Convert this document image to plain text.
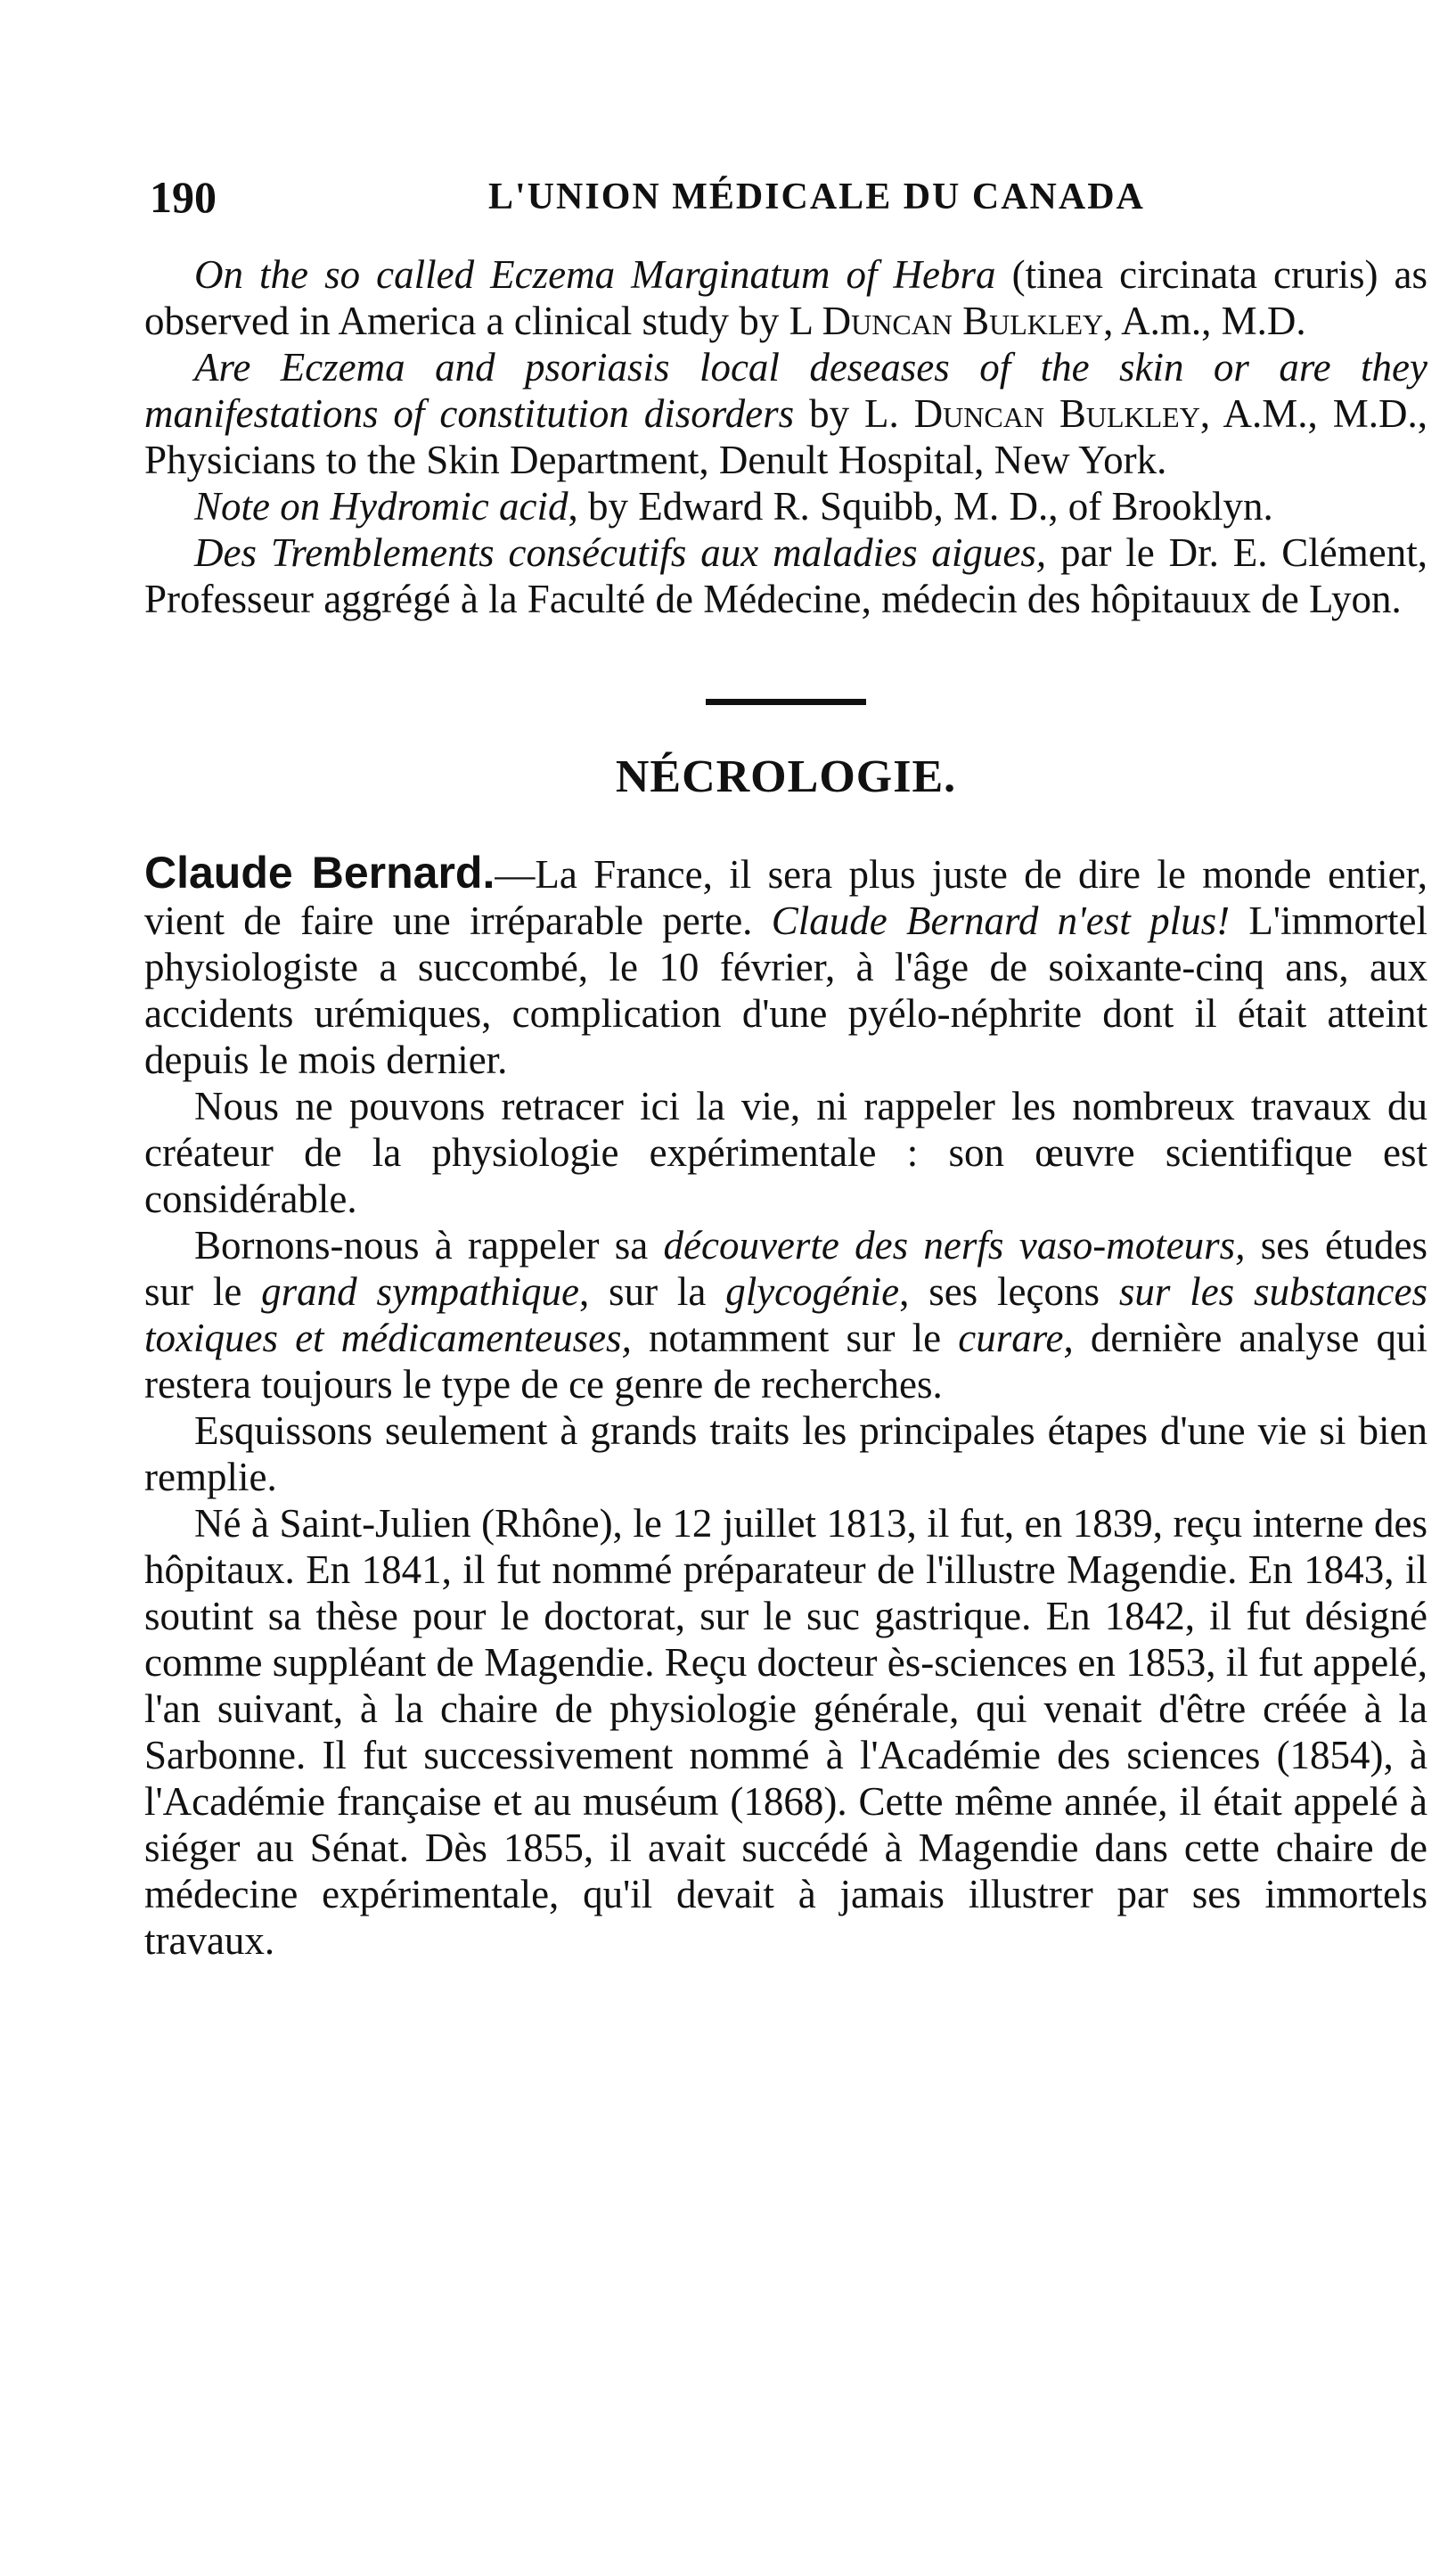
190	L'UNION MÉDICALE DU CANADA

On the so called Eczema Marginatum of Hebra (tinea circinata cruris) as observed in America a clinical study by L Duncan Bulkley, A.m., M.D.

Are Eczema and psoriasis local deseases of the skin or are they manifestations of constitution disorders by L. Duncan Bulkley, A.M., M.D., Physicians to the Skin Department, Denult Hospital, New York.

Note on Hydromic acid, by Edward R. Squibb, M. D., of Brooklyn.

Des Tremblements consécutifs aux maladies aigues, par le Dr. E. Clément, Professeur aggrégé à la Faculté de Médecine, médecin des hôpitauux de Lyon.

NÉCROLOGIE.

Claude Bernard.—La France, il sera plus juste de dire le monde entier, vient de faire une irréparable perte. Claude Bernard n'est plus! L'immortel physiologiste a succombé, le 10 février, à l'âge de soixante-cinq ans, aux accidents urémiques, complication d'une pyélo-néphrite dont il était atteint depuis le mois dernier.

Nous ne pouvons retracer ici la vie, ni rappeler les nombreux travaux du créateur de la physiologie expérimentale : son œuvre scientifique est considérable.

Bornons-nous à rappeler sa découverte des nerfs vaso-moteurs, ses études sur le grand sympathique, sur la glycogénie, ses leçons sur les substances toxiques et médicamenteuses, notamment sur le curare, dernière analyse qui restera toujours le type de ce genre de recherches.

Esquissons seulement à grands traits les principales étapes d'une vie si bien remplie.

Né à Saint-Julien (Rhône), le 12 juillet 1813, il fut, en 1839, reçu interne des hôpitaux. En 1841, il fut nommé préparateur de l'illustre Magendie. En 1843, il soutint sa thèse pour le doctorat, sur le suc gastrique. En 1842, il fut désigné comme suppléant de Magendie. Reçu docteur ès-sciences en 1853, il fut appelé, l'an suivant, à la chaire de physiologie générale, qui venait d'être créée à la Sarbonne. Il fut successivement nommé à l'Académie des sciences (1854), à l'Académie française et au muséum (1868). Cette même année, il était appelé à siéger au Sénat. Dès 1855, il avait succédé à Magendie dans cette chaire de médecine expérimentale, qu'il devait à jamais illustrer par ses immortels travaux.
